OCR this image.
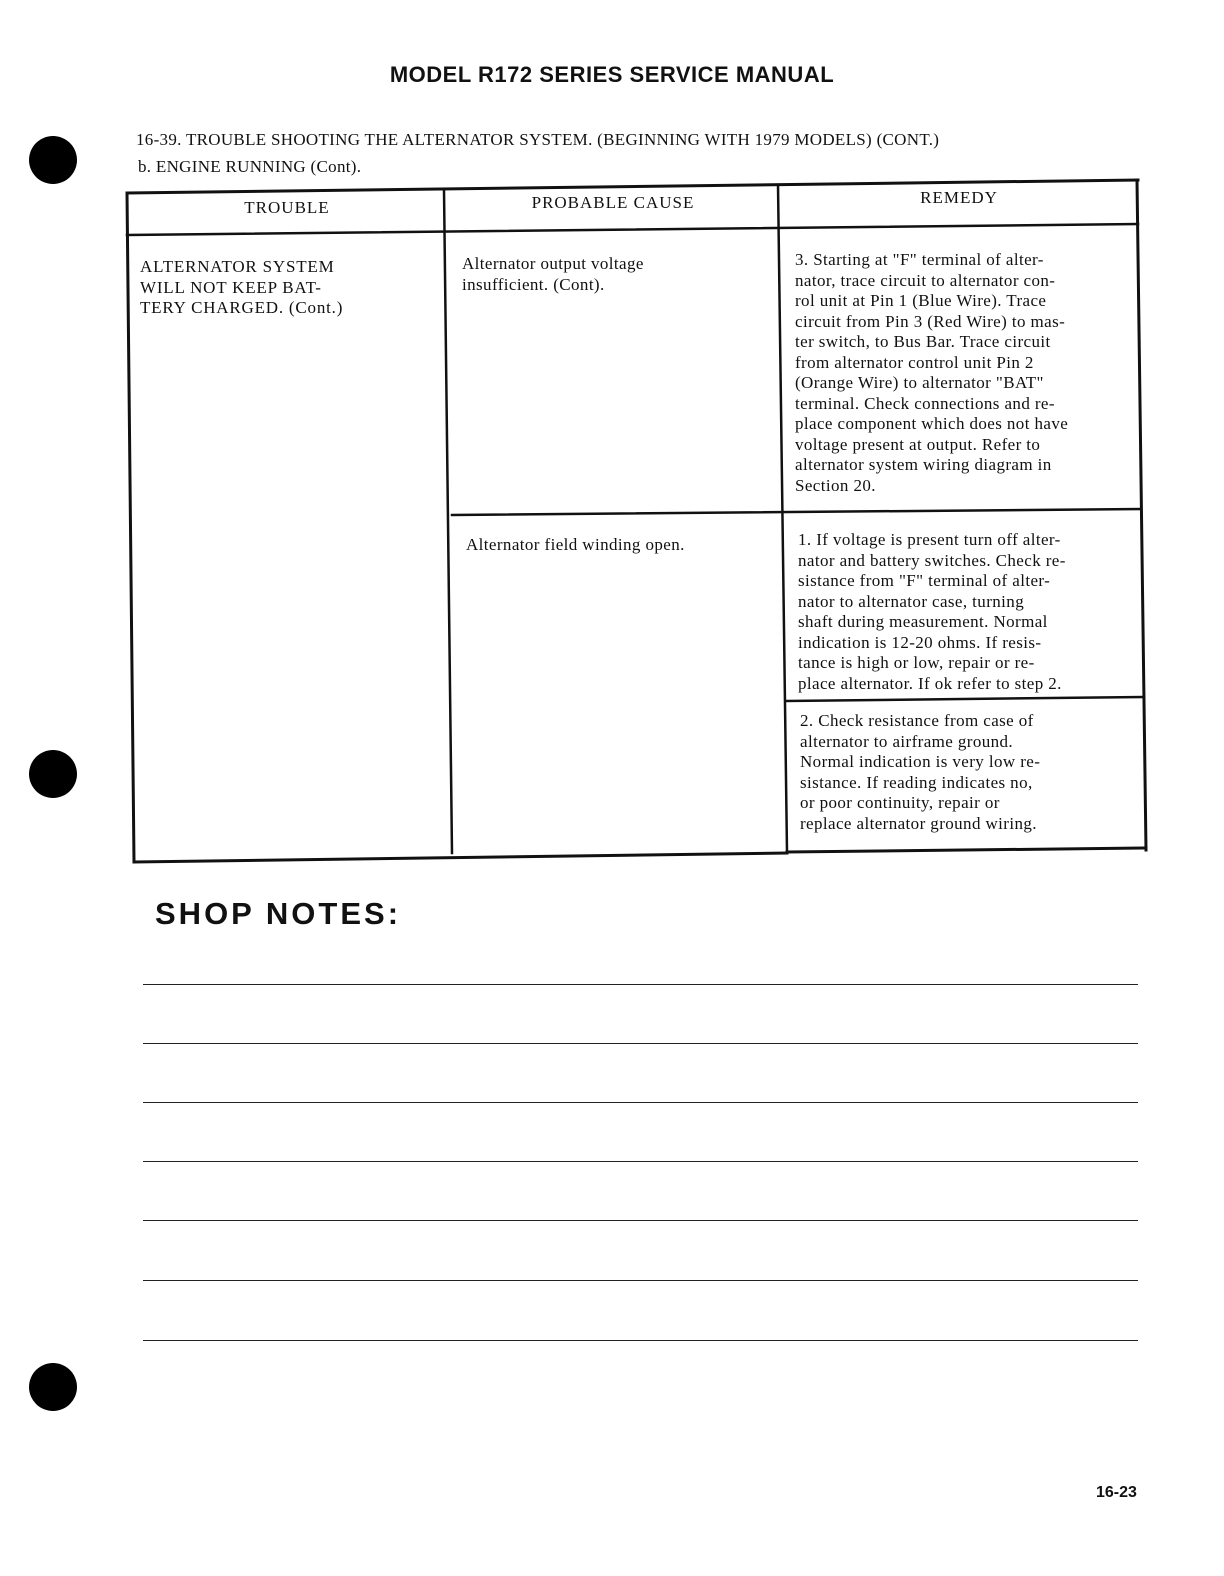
MODEL R172 SERIES SERVICE MANUAL
16-39. TROUBLE SHOOTING THE ALTERNATOR SYSTEM. (BEGINNING WITH 1979 MODELS) (CONT.)
b. ENGINE RUNNING (Cont).
TROUBLE	PROBABLE CAUSE	REMEDY
ALTERNATOR SYSTEM
WILL NOT KEEP BAT-
TERY CHARGED. (Cont.)
Alternator output voltage
insufficient. (Cont).
Alternator field winding open.
3. Starting at "F" terminal of alter-
nator, trace circuit to alternator con-
rol unit at Pin 1 (Blue Wire). Trace
circuit from Pin 3 (Red Wire) to mas-
ter switch, to Bus Bar. Trace circuit
from alternator control unit Pin 2
(Orange Wire) to alternator "BAT"
terminal. Check connections and re-
place component which does not have
voltage present at output. Refer to
alternator system wiring diagram in
Section 20.
1. If voltage is present turn off alter-
nator and battery switches. Check re-
sistance from "F" terminal of alter-
nator to alternator case, turning
shaft during measurement. Normal
indication is 12-20 ohms. If resis-
tance is high or low, repair or re-
place alternator. If ok refer to step 2.
2. Check resistance from case of
alternator to airframe ground.
Normal indication is very low re-
sistance. If reading indicates no,
or poor continuity, repair or
replace alternator ground wiring.
SHOP NOTES:
16-23
